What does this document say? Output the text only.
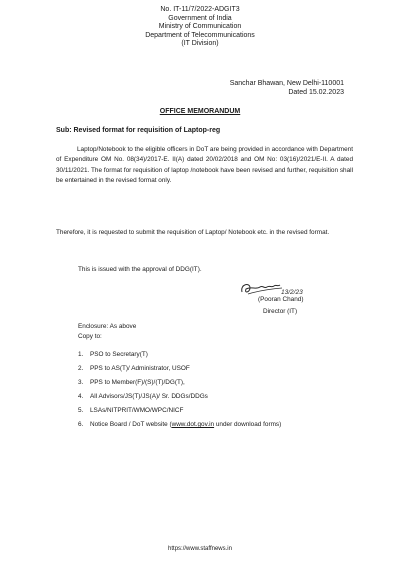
No. IT-11/7/2022-ADGIT3
Government of India
Ministry of Communication
Department of Telecommunications
(IT Division)
Sanchar Bhawan, New Delhi-110001
Dated 15.02.2023
OFFICE MEMORANDUM
Sub: Revised format for requisition of Laptop-reg
Laptop/Notebook to the eligible officers in DoT are being provided in accordance with Department of Expenditure OM No. 08(34)/2017-E. II(A) dated 20/02/2018 and OM No: 03(16)/2021/E-II. A dated 30/11/2021. The format for requisition of laptop /notebook have been revised and further, requisition shall be entertained in the revised format only.
Therefore, it is requested to submit the requisition of Laptop/ Notebook etc. in the revised format.
This is issued with the approval of DDG(IT).
13/2/23
(Pooran Chand)
Director (IT)
Enclosure: As above
Copy to:
1. PSO to Secretary(T)
2. PPS to AS(T)/ Administrator, USOF
3. PPS to Member(F)/(S)/(T)/DG(T),
4. All Advisors/JS(T)/JS(A)/ Sr. DDGs/DDGs
5. LSAs/NITPRIT/WMO/WPC/NICF
6. Notice Board / DoT website (www.dot.gov.in under download forms)
https://www.staffnews.in
